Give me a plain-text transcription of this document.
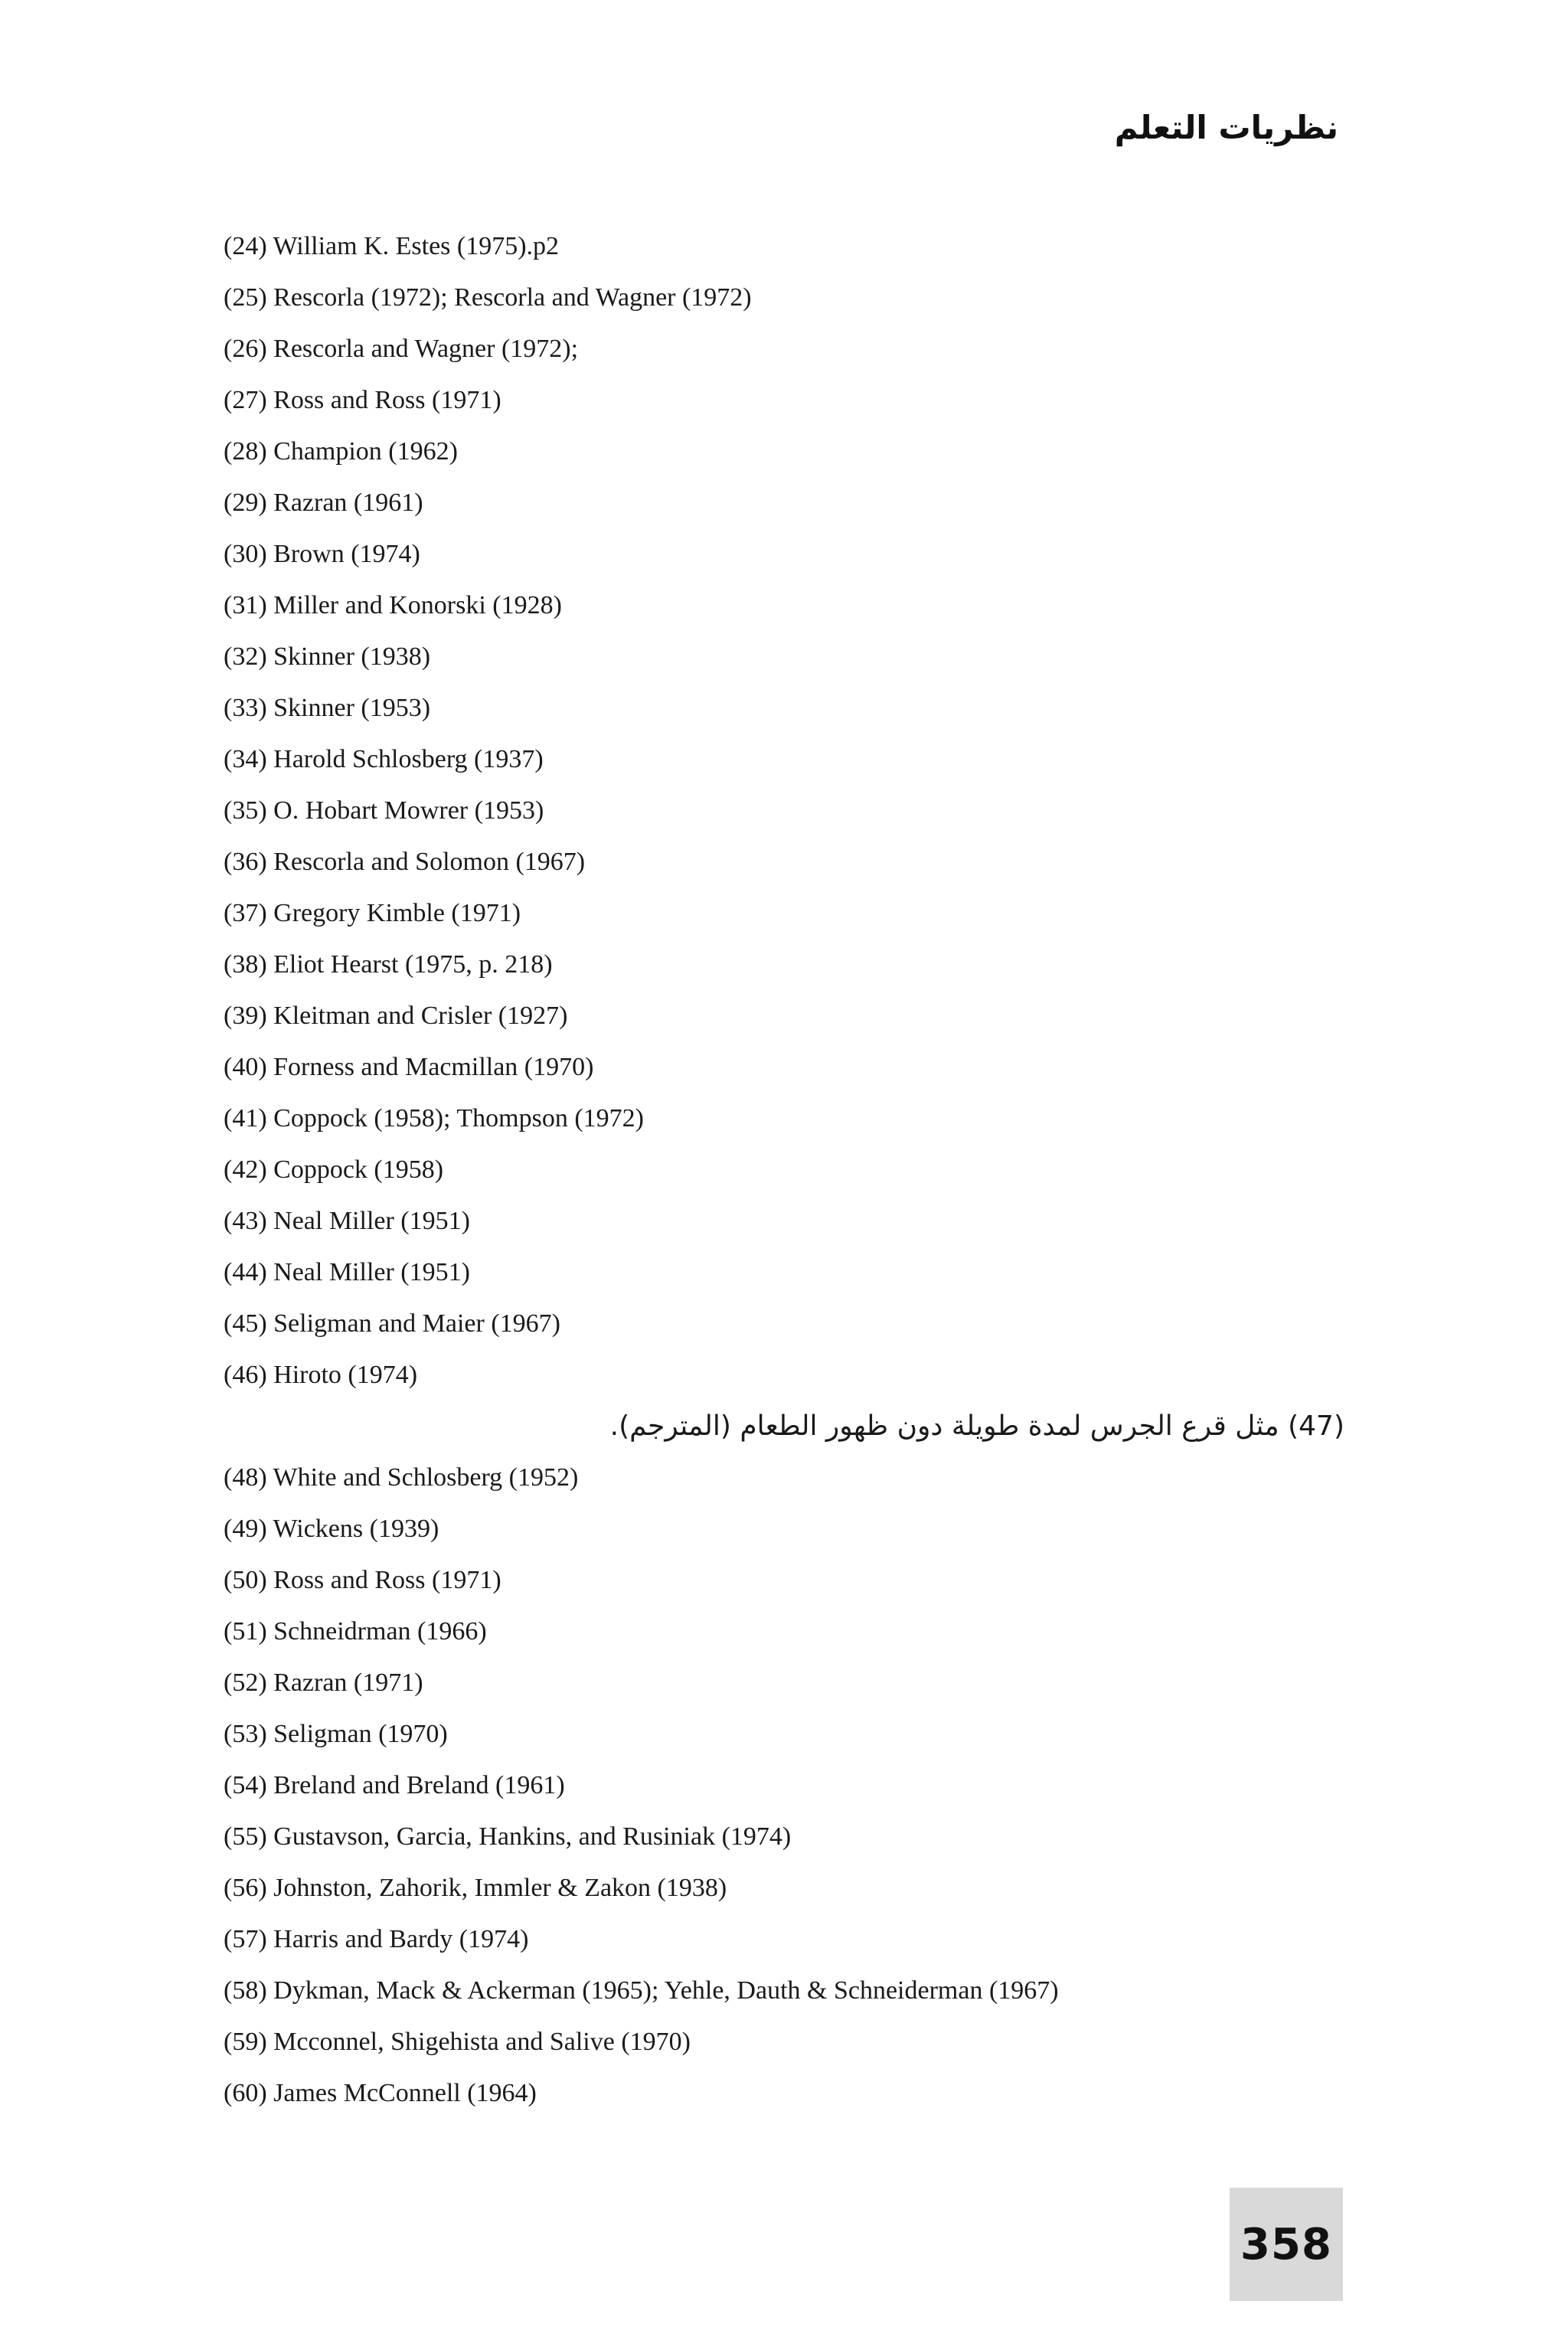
نظريات التعلم
(24) William K. Estes (1975).p2
(25) Rescorla (1972); Rescorla and Wagner (1972)
(26) Rescorla and Wagner (1972);
(27) Ross and Ross (1971)
(28) Champion (1962)
(29) Razran (1961)
(30) Brown (1974)
(31) Miller and Konorski (1928)
(32) Skinner (1938)
(33) Skinner (1953)
(34) Harold Schlosberg (1937)
(35) O. Hobart Mowrer (1953)
(36) Rescorla and Solomon (1967)
(37) Gregory Kimble (1971)
(38) Eliot Hearst (1975, p. 218)
(39) Kleitman and Crisler (1927)
(40) Forness and Macmillan (1970)
(41) Coppock (1958); Thompson (1972)
(42) Coppock (1958)
(43) Neal Miller (1951)
(44) Neal Miller (1951)
(45) Seligman and Maier (1967)
(46) Hiroto (1974)
(47) مثل قرع الجرس لمدة طويلة دون ظهور الطعام (المترجم).
(48) White and Schlosberg (1952)
(49) Wickens (1939)
(50) Ross and Ross (1971)
(51) Schneidrman (1966)
(52) Razran (1971)
(53) Seligman (1970)
(54) Breland and Breland (1961)
(55) Gustavson, Garcia, Hankins, and Rusiniak (1974)
(56) Johnston, Zahorik, Immler & Zakon (1938)
(57) Harris and Bardy (1974)
(58) Dykman, Mack & Ackerman (1965); Yehle, Dauth & Schneiderman (1967)
(59) Mcconnel, Shigehista and Salive (1970)
(60) James McConnell (1964)
358
